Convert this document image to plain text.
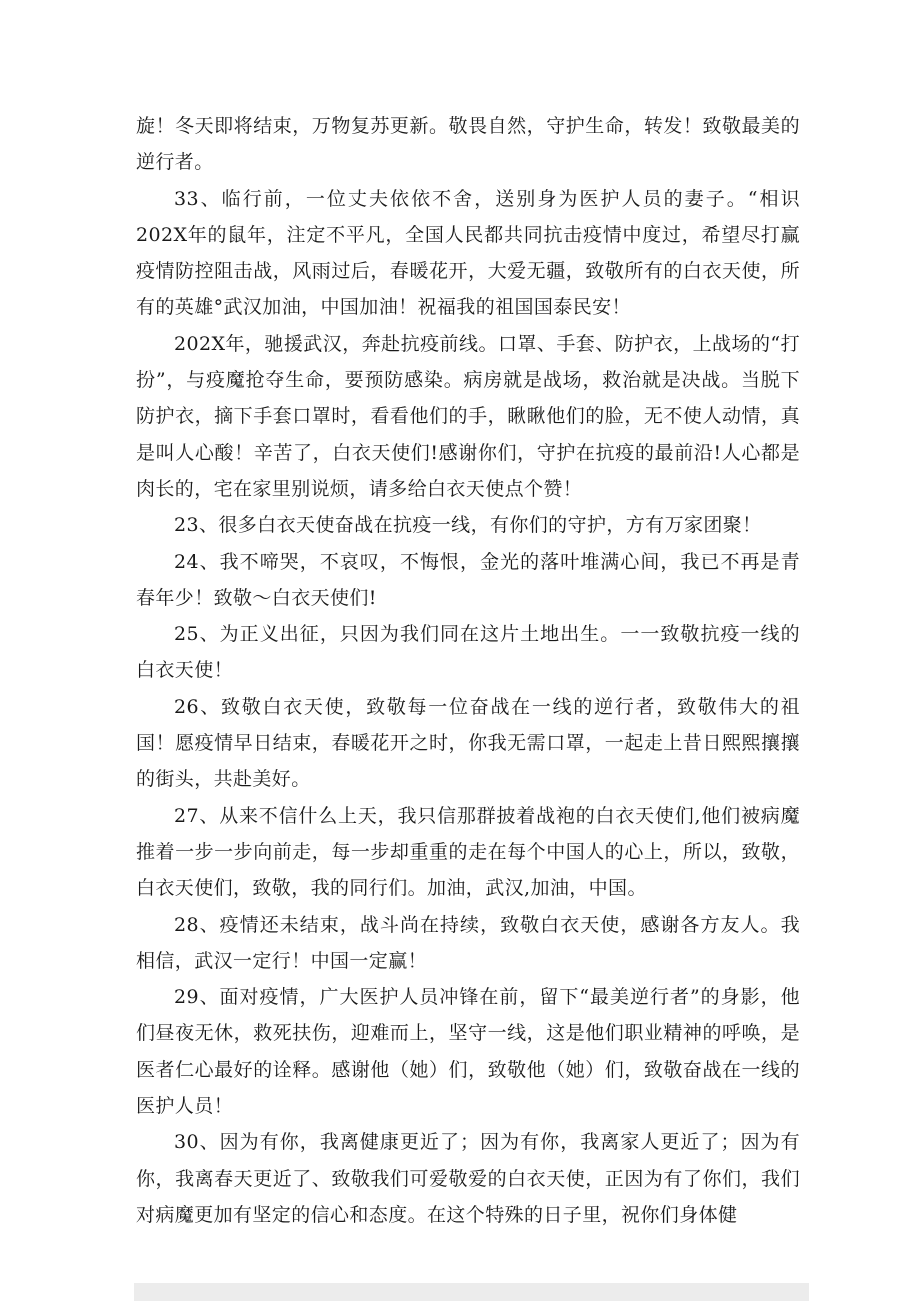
旋！冬天即将结束，万物复苏更新。敬畏自然，守护生命，转发！致敬最美的逆行者。

33、临行前，一位丈夫依依不舍，送别身为医护人员的妻子。“相识202X年的鼠年，注定不平凡，全国人民都共同抗击疫情中度过，希望尽打赢疫情防控阻击战，风雨过后，春暖花开，大爱无疆，致敬所有的白衣天使，所有的英雄°武汉加油，中国加油！祝福我的祖国国泰民安！

202X年，驰援武汉，奔赴抗疫前线。口罩、手套、防护衣，上战场的“打扮”，与疫魔抢夺生命，要预防感染。病房就是战场，救治就是决战。当脱下防护衣，摘下手套口罩时，看看他们的手，瞅瞅他们的脸，无不使人动情，真是叫人心酸！辛苦了，白衣天使们!感谢你们，守护在抗疫的最前沿!人心都是肉长的，宅在家里别说烦，请多给白衣天使点个赞！

23、很多白衣天使奋战在抗疫一线，有你们的守护，方有万家团聚！

24、我不啼哭，不哀叹，不悔恨，金光的落叶堆满心间，我已不再是青春年少！致敬～白衣天使们!

25、为正义出征，只因为我们同在这片土地出生。一一致敬抗疫一线的白衣天使！

26、致敬白衣天使，致敬每一位奋战在一线的逆行者，致敬伟大的祖国！愿疫情早日结束，春暖花开之时，你我无需口罩，一起走上昔日熙熙攘攘的街头，共赴美好。

27、从来不信什么上天，我只信那群披着战袍的白衣天使们,他们被病魔推着一步一步向前走，每一步却重重的走在每个中国人的心上，所以，致敬，白衣天使们，致敬，我的同行们。加油，武汉,加油，中国。

28、疫情还未结束，战斗尚在持续，致敬白衣天使，感谢各方友人。我相信，武汉一定行！中国一定赢！

29、面对疫情，广大医护人员冲锋在前，留下“最美逆行者”的身影，他们昼夜无休，救死扶伤，迎难而上，坚守一线，这是他们职业精神的呼唤，是医者仁心最好的诠释。感谢他（她）们，致敬他（她）们，致敬奋战在一线的医护人员！

30、因为有你，我离健康更近了；因为有你，我离家人更近了；因为有你，我离春天更近了、致敬我们可爱敬爱的白衣天使，正因为有了你们，我们对病魔更加有坚定的信心和态度。在这个特殊的日子里，祝你们身体健
